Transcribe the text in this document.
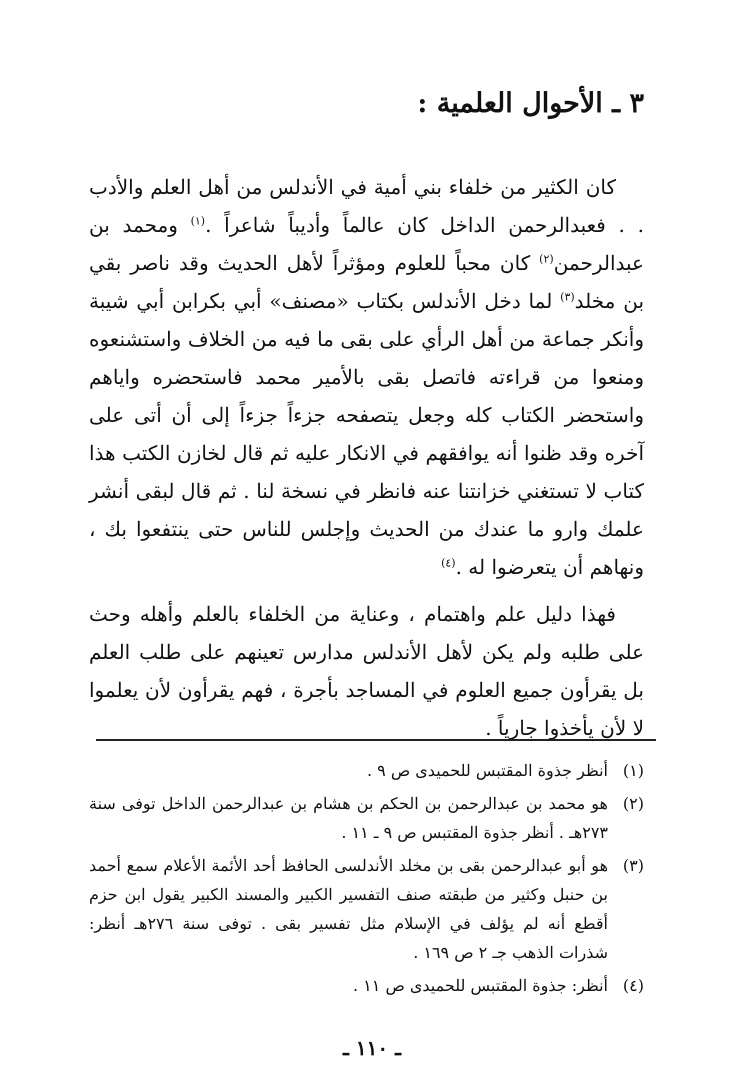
٣ ـ الأحوال العلمية :

كان الكثير من خلفاء بني أمية في الأندلس من أهل العلم والأدب . . فعبدالرحمن الداخل كان عالماً وأديباً شاعراً .$^{(١)}$ ومحمد بن عبدالرحمن$^{(٢)}$ كان محباً للعلوم ومؤثراً لأهل الحديث وقد ناصر بقي بن مخلد$^{(٣)}$ لما دخل الأندلس بكتاب «مصنف» أبي بكرابن أبي شيبة وأنكر جماعة من أهل الرأي على بقى ما فيه من الخلاف واستشنعوه ومنعوا من قراءته فاتصل بقى بالأمير محمد فاستحضره واياهم واستحضر الكتاب كله وجعل يتصفحه جزءاً جزءاً إلى أن أتى على آخره وقد ظنوا أنه يوافقهم في الانكار عليه ثم قال لخازن الكتب هذا كتاب لا تستغني خزانتنا عنه فانظر في نسخة لنا . ثم قال لبقى أنشر علمك وارو ما عندك من الحديث وإجلس للناس حتى ينتفعوا بك ، ونهاهم أن يتعرضوا له .$^{(٤)}$

فهذا دليل علم واهتمام ، وعناية من الخلفاء بالعلم وأهله وحث على طلبه ولم يكن لأهل الأندلس مدارس تعينهم على طلب العلم بل يقرأون جميع العلوم في المساجد بأجرة ، فهم يقرأون لأن يعلموا لا لأن يأخذوا جارياً .

(١)
أنظر جذوة المقتبس للحميدى ص ٩ .
(٢)
هو محمد بن عبدالرحمن بن الحكم بن هشام بن عبدالرحمن الداخل توفى سنة ٢٧٣هـ . أنظر جذوة المقتبس ص ٩ ـ ١١ .
(٣)
هو أبو عبدالرحمن بقى بن مخلد الأندلسى الحافظ أحد الأئمة الأعلام سمع أحمد بن حنبل وكثير من طبقته صنف التفسير الكبير والمسند الكبير يقول ابن حزم أقطع أنه لم يؤلف في الإسلام مثل تفسير بقى . توفى سنة ٢٧٦هـ أنظر: شذرات الذهب جـ ٢ ص ١٦٩ .
(٤)
أنظر: جذوة المقتبس للحميدى ص ١١ .
ـ ١١٠ ـ
